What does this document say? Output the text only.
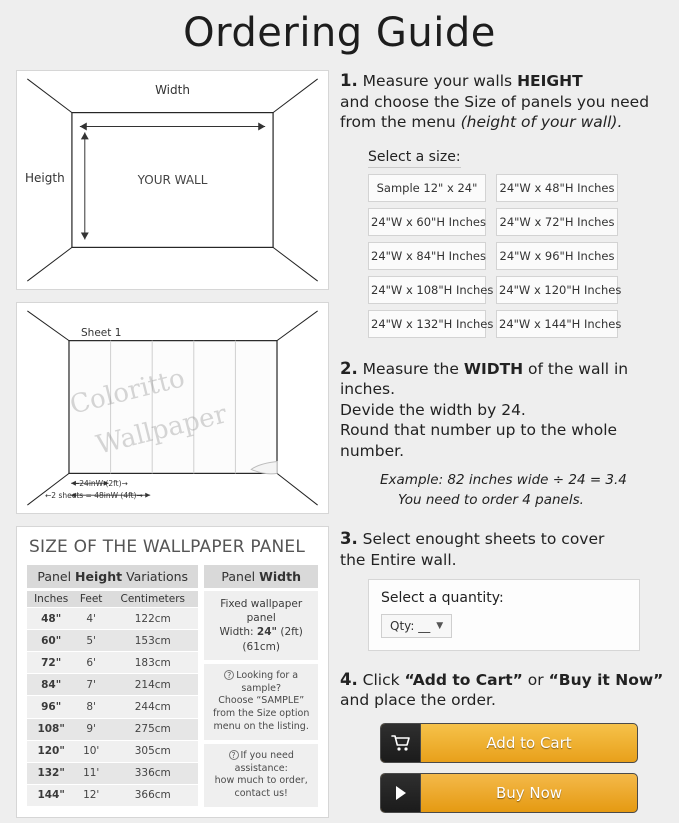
Ordering Guide
Width
Heigth	YOUR WALL
Sheet 1
Coloritto
Wallpaper
←24inW (2ft)→
←2 sheets = 48inW (4ft)→
SIZE OF THE WALLPAPER PANEL
Panel Height Variations	Panel Width
Inches	Feet	Centimeters
48"	4'	122cm
60"	5'	153cm
72"	6'	183cm
84"	7'	214cm
96"	8'	244cm
108"	9'	275cm
120"	10'	305cm
132"	11'	336cm
144"	12'	366cm
Fixed wallpaper panel
Width: 24" (2ft) (61cm)
? Looking for a sample?
Choose “SAMPLE” from the Size option menu on the listing.
? If you need assistance:
how much to order, contact us!
1. Measure your walls HEIGHT
and choose the Size of panels you need
from the menu (height of your wall).
Select a size:
Sample 12" x 24"	24"W x 48"H Inches
24"W x 60"H Inches	24"W x 72"H Inches
24"W x 84"H Inches	24"W x 96"H Inches
24"W x 108"H Inches 24"W x 120"H Inches
24"W x 132"H Inches 24"W x 144"H Inches
2. Measure the WIDTH of the wall in inches.
Devide the width by 24.
Round that number up to the whole number.
Example: 82 inches wide ÷ 24 = 3.4
You need to order 4 panels.
3. Select enought sheets to cover
the Entire wall.
Select a quantity:
Qty: __ ▼
4. Click “Add to Cart” or “Buy it Now”
and place the order.
Add to Cart
Buy Now
